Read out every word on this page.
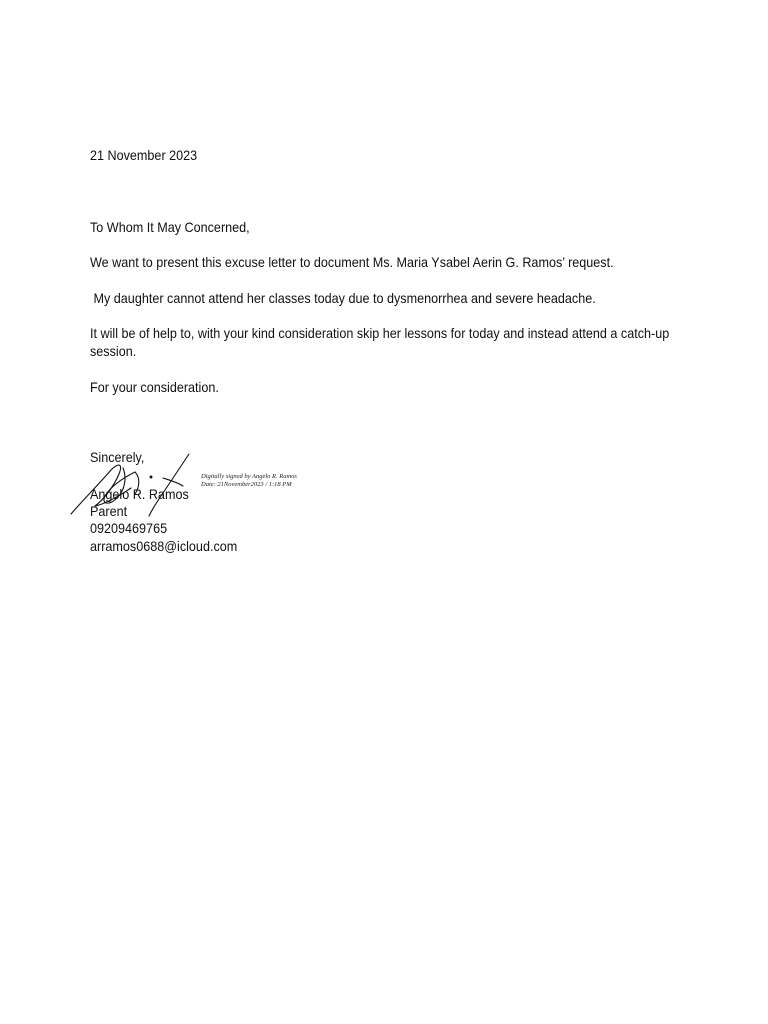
21 November 2023
To Whom It May Concerned,
We want to present this excuse letter to document Ms. Maria Ysabel Aerin G. Ramos’ request.
My daughter cannot attend her classes today due to dysmenorrhea and severe headache.
It will be of help to, with your kind consideration skip her lessons for today and instead attend a catch-up session.
For your consideration.
Sincerely,
Angelo R. Ramos
Parent
09209469765
arramos0688@icloud.com
Digitally signed by Angelo R. Ramos
Date: 21November2023 / 1:18 PM
